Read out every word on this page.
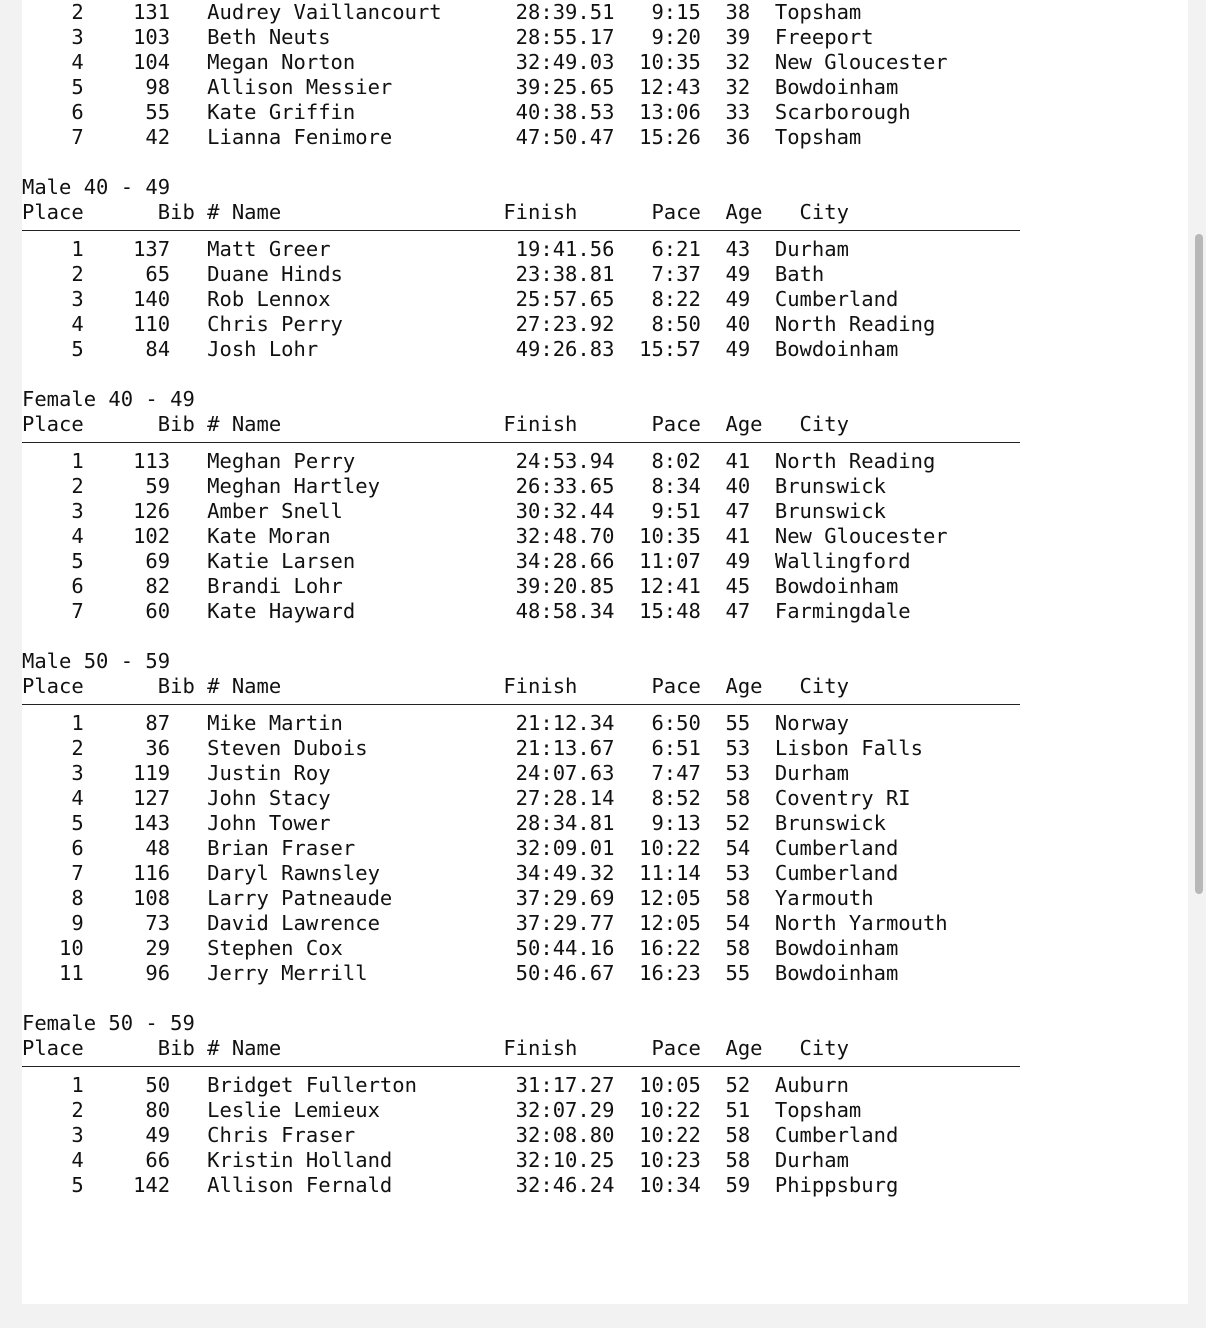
2    131   Audrey Vaillancourt      28:39.51   9:15  38  Topsham
3    103   Beth Neuts               28:55.17   9:20  39  Freeport
4    104   Megan Norton             32:49.03  10:35  32  New Gloucester
5     98   Allison Messier          39:25.65  12:43  32  Bowdoinham
6     55   Kate Griffin             40:38.53  13:06  33  Scarborough
7     42   Lianna Fenimore          47:50.47  15:26  36  Topsham

Male 40 - 49
Place      Bib # Name                  Finish      Pace  Age   City
1    137   Matt Greer               19:41.56   6:21  43  Durham
2     65   Duane Hinds              23:38.81   7:37  49  Bath
3    140   Rob Lennox               25:57.65   8:22  49  Cumberland
4    110   Chris Perry              27:23.92   8:50  40  North Reading
5     84   Josh Lohr                49:26.83  15:57  49  Bowdoinham

Female 40 - 49
Place      Bib # Name                  Finish      Pace  Age   City
1    113   Meghan Perry             24:53.94   8:02  41  North Reading
2     59   Meghan Hartley           26:33.65   8:34  40  Brunswick
3    126   Amber Snell              30:32.44   9:51  47  Brunswick
4    102   Kate Moran               32:48.70  10:35  41  New Gloucester
5     69   Katie Larsen             34:28.66  11:07  49  Wallingford
6     82   Brandi Lohr              39:20.85  12:41  45  Bowdoinham
7     60   Kate Hayward             48:58.34  15:48  47  Farmingdale

Male 50 - 59
Place      Bib # Name                  Finish      Pace  Age   City
1     87   Mike Martin              21:12.34   6:50  55  Norway
2     36   Steven Dubois            21:13.67   6:51  53  Lisbon Falls
3    119   Justin Roy               24:07.63   7:47  53  Durham
4    127   John Stacy               27:28.14   8:52  58  Coventry RI
5    143   John Tower               28:34.81   9:13  52  Brunswick
6     48   Brian Fraser             32:09.01  10:22  54  Cumberland
7    116   Daryl Rawnsley           34:49.32  11:14  53  Cumberland
8    108   Larry Patneaude          37:29.69  12:05  58  Yarmouth
9     73   David Lawrence           37:29.77  12:05  54  North Yarmouth
10     29   Stephen Cox              50:44.16  16:22  58  Bowdoinham
11     96   Jerry Merrill            50:46.67  16:23  55  Bowdoinham

Female 50 - 59
Place      Bib # Name                  Finish      Pace  Age   City
1     50   Bridget Fullerton        31:17.27  10:05  52  Auburn
2     80   Leslie Lemieux           32:07.29  10:22  51  Topsham
3     49   Chris Fraser             32:08.80  10:22  58  Cumberland
4     66   Kristin Holland          32:10.25  10:23  58  Durham
5    142   Allison Fernald          32:46.24  10:34  59  Phippsburg
